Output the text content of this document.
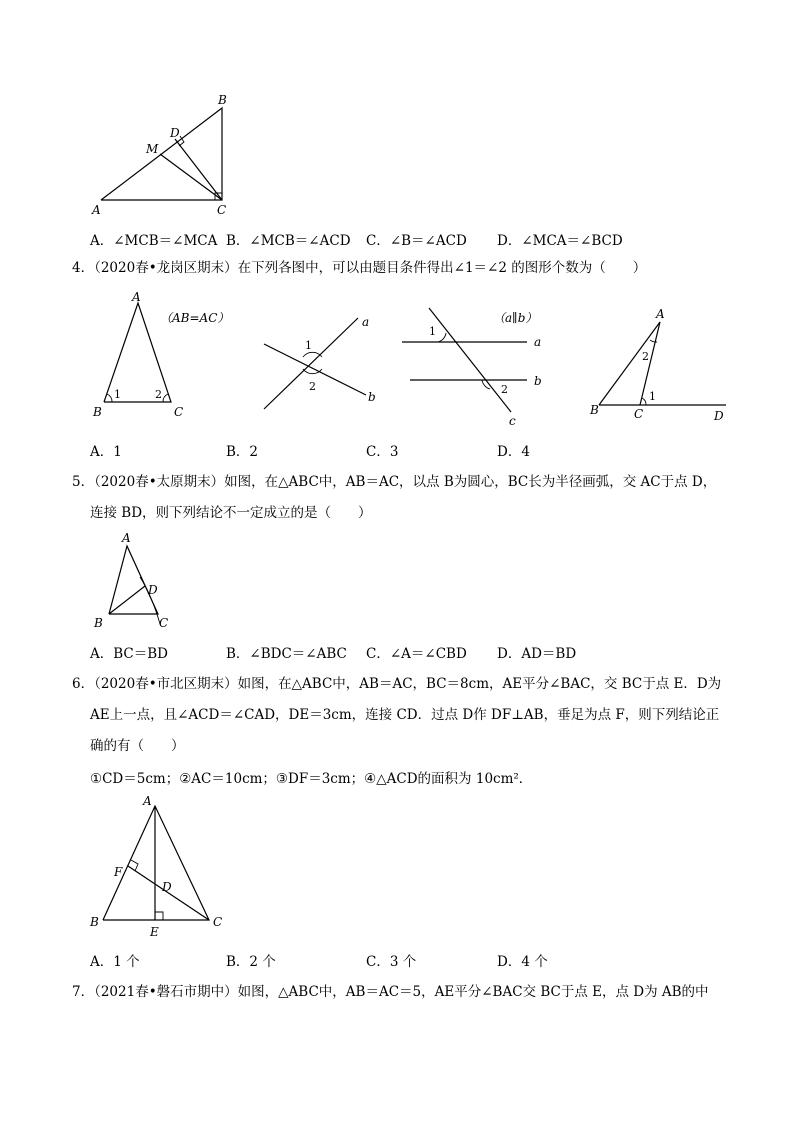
B
D
M
A	C
A．∠MCB＝∠MCA B．∠MCB＝∠ACD C．∠B＝∠ACD D．∠MCA＝∠BCD
4．（2020春•龙岗区期末）在下列各图中，可以由题目条件得出∠1＝∠2 的图形个数为（　　）
A
（AB=AC）
1	2
B	C
a
1
2
b
（a∥b）
1
a
b
2
c
A
2
1
B	C	D
A．1	B．2	C．3	D．4
5．（2020春•太原期末）如图，在△ABC中，AB＝AC，以点 B为圆心，BC长为半径画弧，交 AC于点 D，
连接 BD，则下列结论不一定成立的是（　　）
A
D
B	C
A．BC＝BD	B．∠BDC＝∠ABC C．∠A＝∠CBD D．AD＝BD
6．（2020春•市北区期末）如图，在△ABC中，AB＝AC，BC＝8cm，AE平分∠BAC，交 BC于点 E．D为
AE上一点，且∠ACD＝∠CAD，DE＝3cm，连接 CD．过点 D作 DF⊥AB，垂足为点 F，则下列结论正
确的有（　　）
①CD＝5cm；②AC＝10cm；③DF＝3cm；④△ACD的面积为 10cm²．
A
F
D
B	C
E
A．1 个	B．2 个	C．3 个	D．4 个
7．（2021春•磐石市期中）如图，△ABC中，AB＝AC＝5，AE平分∠BAC交 BC于点 E，点 D为 AB的中
